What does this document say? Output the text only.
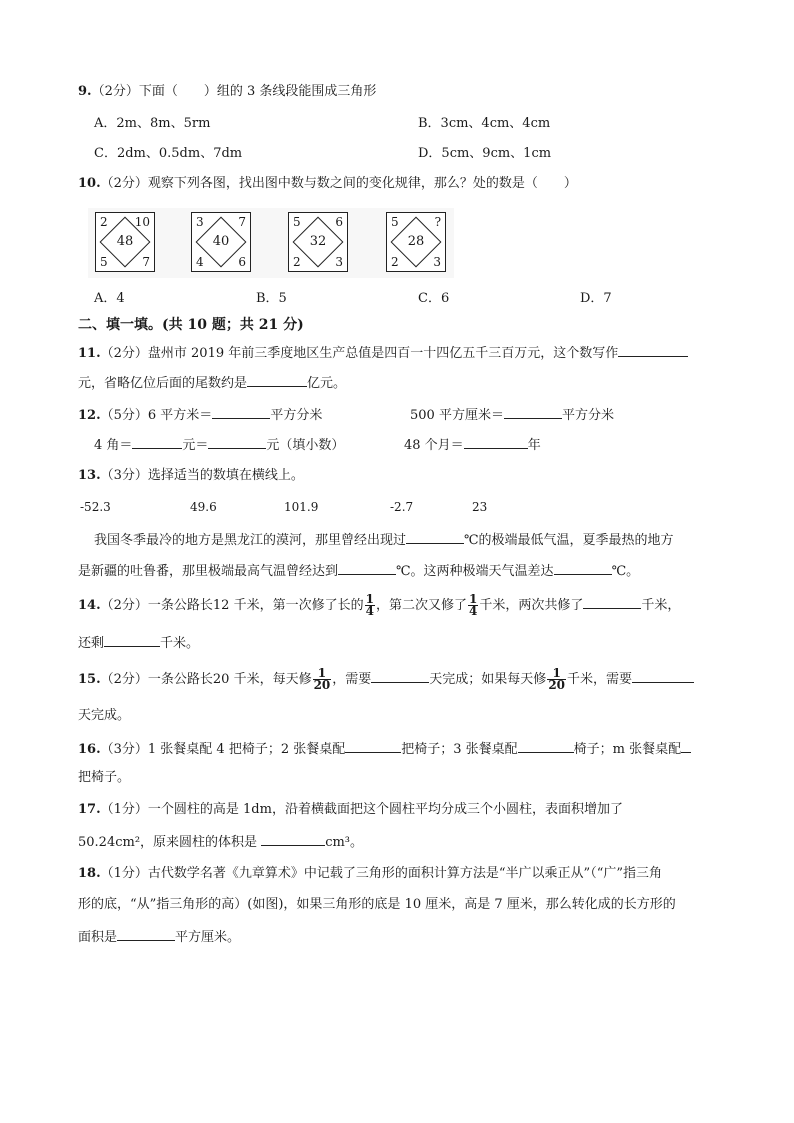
9.（2分）下面（　　）组的 3 条线段能围成三角形
A．2m、8m、5rm	B．3cm、4cm、4cm
C．2dm、0.5dm、7dm	D．5cm、9cm、1cm
10.（2分）观察下列各图，找出图中数与数之间的变化规律，那么？处的数是（　　）
2 10
48
5	7
3	7
40
4	6
5	6
32
2	3
5	?
28
2	3
A．4	B．5	C．6	D．7
二、填一填。(共 10 题；共 21 分)
11.（2分）盘州市 2019 年前三季度地区生产总值是四百一十四亿五千三百万元，这个数写作
元，省略亿位后面的尾数约是	亿元。
12.（5分）6 平方米＝	平方分米	500 平方厘米＝	平方分米
4 角＝	元＝	元（填小数）	48 个月＝	年
13.（3分）选择适当的数填在横线上。
-52.3	49.6	101.9	-2.7	23
我国冬季最冷的地方是黑龙江的漠河，那里曾经出现过	℃的极端最低气温，夏季最热的地方
是新疆的吐鲁番，那里极端最高气温曾经达到	℃。这两种极端天气温差达	℃。
14.（2分）一条公路长12 千米，第一次修了长的 $\frac{1}{4}$ ，第二次又修了 $\frac{1}{4}$ 千米，两次共修了	千米，
还剩	千米。
15.（2分）一条公路长20 千米，每天修 $\frac{1}{20}$ ，需要	天完成；如果每天修 $\frac{1}{20}$ 千米，需要
天完成。
16.（3分）1 张餐桌配 4 把椅子；2 张餐桌配	把椅子；3 张餐桌配	椅子；m 张餐桌配
把椅子。
17.（1分）一个圆柱的高是 1dm，沿着横截面把这个圆柱平均分成三个小圆柱，表面积增加了
50.24cm²，原来圆柱的体积是	cm³。
18.（1分）古代数学名著《九章算术》中记载了三角形的面积计算方法是“半广以乘正从”（“广”指三角
形的底，“从”指三角形的高）(如图)，如果三角形的底是 10 厘米，高是 7 厘米，那么转化成的长方形的
面积是	平方厘米。
